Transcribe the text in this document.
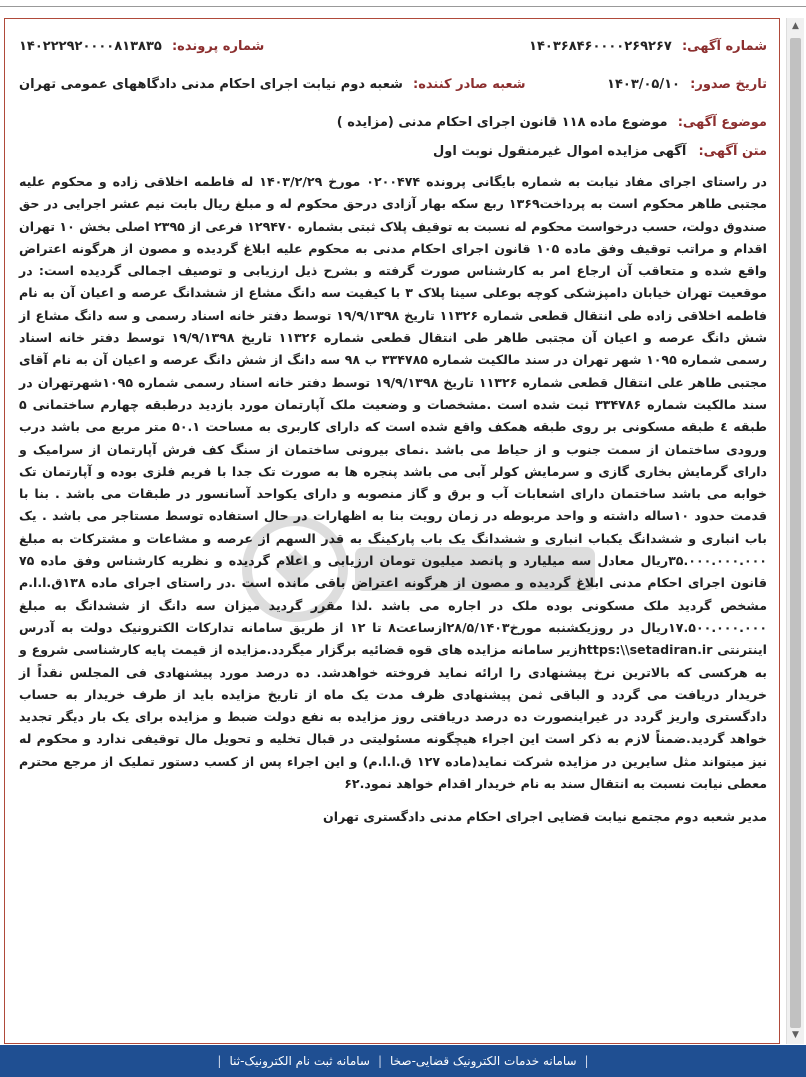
شماره آگهی: ۱۴۰۳۶۸۴۶۰۰۰۰۲۶۹۲۶۷
شماره پرونده: ۱۴۰۲۲۲۹۲۰۰۰۰۸۱۳۸۳۵
تاریخ صدور: ۱۴۰۳/۰۵/۱۰
شعبه صادر کننده: شعبه دوم نیابت اجرای احکام مدنی دادگاههای عمومی تهران
موضوع آگهی: موضوع ماده ۱۱۸ قانون اجرای احکام مدنی (مزایده )
متن آگهی: آگهی مزایده اموال غیرمنقول نوبت اول
در راستای اجرای مفاد نیابت به شماره بایگانی پرونده ۰۲۰۰۴۷۴ مورخ ۱۴۰۳/۲/۲۹ له فاطمه اخلاقی زاده و محکوم علیه مجتبی طاهر محکوم است به پرداخت۱۳۶۹ ربع سکه بهار آزادی درحق محکوم له و مبلغ ریال بابت نیم عشر اجرایی در حق صندوق دولت، حسب درخواست محکوم له نسبت به توقیف پلاک ثبتی بشماره ۱۲۹۴۷۰ فرعی از ۲۳۹۵ اصلی بخش ۱۰ تهران اقدام و مراتب توقیف وفق ماده ۱۰۵ قانون اجرای احکام مدنی به محکوم علیه ابلاغ گردیده و مصون از هرگونه اعتراض واقع شده و متعاقب آن ارجاع امر به کارشناس صورت گرفته و بشرح ذیل ارزیابی و توصیف اجمالی گردیده است: در موقعیت تهران خیابان دامپزشکی کوچه بوعلی سینا پلاک ۳ با کیفیت سه دانگ مشاع از ششدانگ عرصه و اعیان آن به نام فاطمه اخلاقی زاده طی انتقال قطعی شماره ۱۱۳۲۶ تاریخ ۱۹/۹/۱۳۹۸ توسط دفتر خانه اسناد رسمی و سه دانگ مشاع از شش دانگ عرصه و اعیان آن مجتبی طاهر طی انتقال قطعی شماره ۱۱۳۲۶ تاریخ ۱۹/۹/۱۳۹۸ توسط دفتر خانه اسناد رسمی شماره ۱۰۹۵ شهر تهران در سند مالکیت شماره ۳۳۴۷۸۵ ب ۹۸ سه دانگ از شش دانگ عرصه و اعیان آن به نام آقای مجتبی طاهر علی انتقال قطعی شماره ۱۱۳۲۶ تاریخ ۱۹/۹/۱۳۹۸ توسط دفتر خانه اسناد رسمی شماره ۱۰۹۵شهرتهران در سند مالکیت شماره ۳۳۴۷۸۶ ثبت شده است .مشخصات و وضعیت ملک آپارتمان مورد بازدید درطبقه چهارم ساختمانی ۵ طبقه ٤ طبقه مسکونی بر روی طبقه همکف واقع شده است که دارای کاربری به مساحت ۵۰.۱ متر مربع می باشد درب ورودی ساختمان از سمت جنوب و از حیاط می باشد .نمای بیرونی ساختمان از سنگ کف فرش آپارتمان از سرامیک و دارای گرمایش بخاری گازی و سرمایش کولر آبی می باشد پنجره ها به صورت تک جدا با فریم فلزی بوده و آپارتمان تک خوابه می باشد ساختمان دارای اشعابات آب و برق و گاز منصوبه و دارای یکواحد آسانسور در طبقات می باشد . بنا با قدمت حدود ۱۰ساله داشته و واحد مربوطه در زمان رویت بنا به اظهارات در حال استفاده توسط مستاجر می باشد . یک باب انباری و ششدانگ یکباب انباری و ششدانگ یک باب پارکینگ به قدر السهم از عرصه و مشاعات و مشترکات به مبلغ ۳۵.۰۰۰.۰۰۰.۰۰۰ریال معادل سه میلیارد و پانصد میلیون تومان ارزیابی و اعلام گردیده و نظریه کارشناس وفق ماده ۷۵ قانون اجرای احکام مدنی ابلاغ گردیده و مصون از هرگونه اعتراض باقی مانده است .در راستای اجرای ماده ۱۳۸ق.ا.ا.م مشخص گردید ملک مسکونی بوده ملک در اجاره می باشد .لذا مقرر گردید میزان سه دانگ از ششدانگ به مبلغ ۱۷.۵۰۰.۰۰۰.۰۰۰ریال در روزیکشنبه مورخ۲۸/۵/۱۴۰۳ازساعت۸ تا ۱۲ از طریق سامانه تدارکات الکترونیک دولت به آدرس اینترنتی https:\\setadiran.irزیر سامانه مزایده های قوه قضائیه برگزار میگردد.مزایده از قیمت پایه کارشناسی شروع و به هرکسی که بالاترین نرخ پیشنهادی را ارائه نماید فروخته خواهدشد. ده درصد مورد پیشنهادی فی المجلس نقداً از خریدار دریافت می گردد و الباقی ثمن پیشنهادی ظرف مدت یک ماه از تاریخ مزایده باید از طرف خریدار به حساب دادگستری واریز گردد در غیراینصورت ده درصد دریافتی روز مزایده به نفع دولت ضبط و مزایده برای یک بار دیگر تجدید خواهد گردید.ضمناً لازم به ذکر است این اجراء هیچگونه مسئولیتی در قبال تخلیه و تحویل مال توقیفی ندارد و محکوم له نیز میتواند مثل سایرین در مزایده شرکت نماید(ماده ۱۲۷ ق.ا.ا.م) و این اجراء پس از کسب دستور تملیک از مرجع محترم معطی نیابت نسبت به انتقال سند به نام خریدار اقدام خواهد نمود.۶۲
مدیر شعبه دوم مجتمع نیابت قضایی اجرای احکام مدنی دادگستری تهران
▲
▼
|
سامانه خدمات الکترونیک قضایی-صخا
|
سامانه ثبت نام الکترونیک-ثنا
|
